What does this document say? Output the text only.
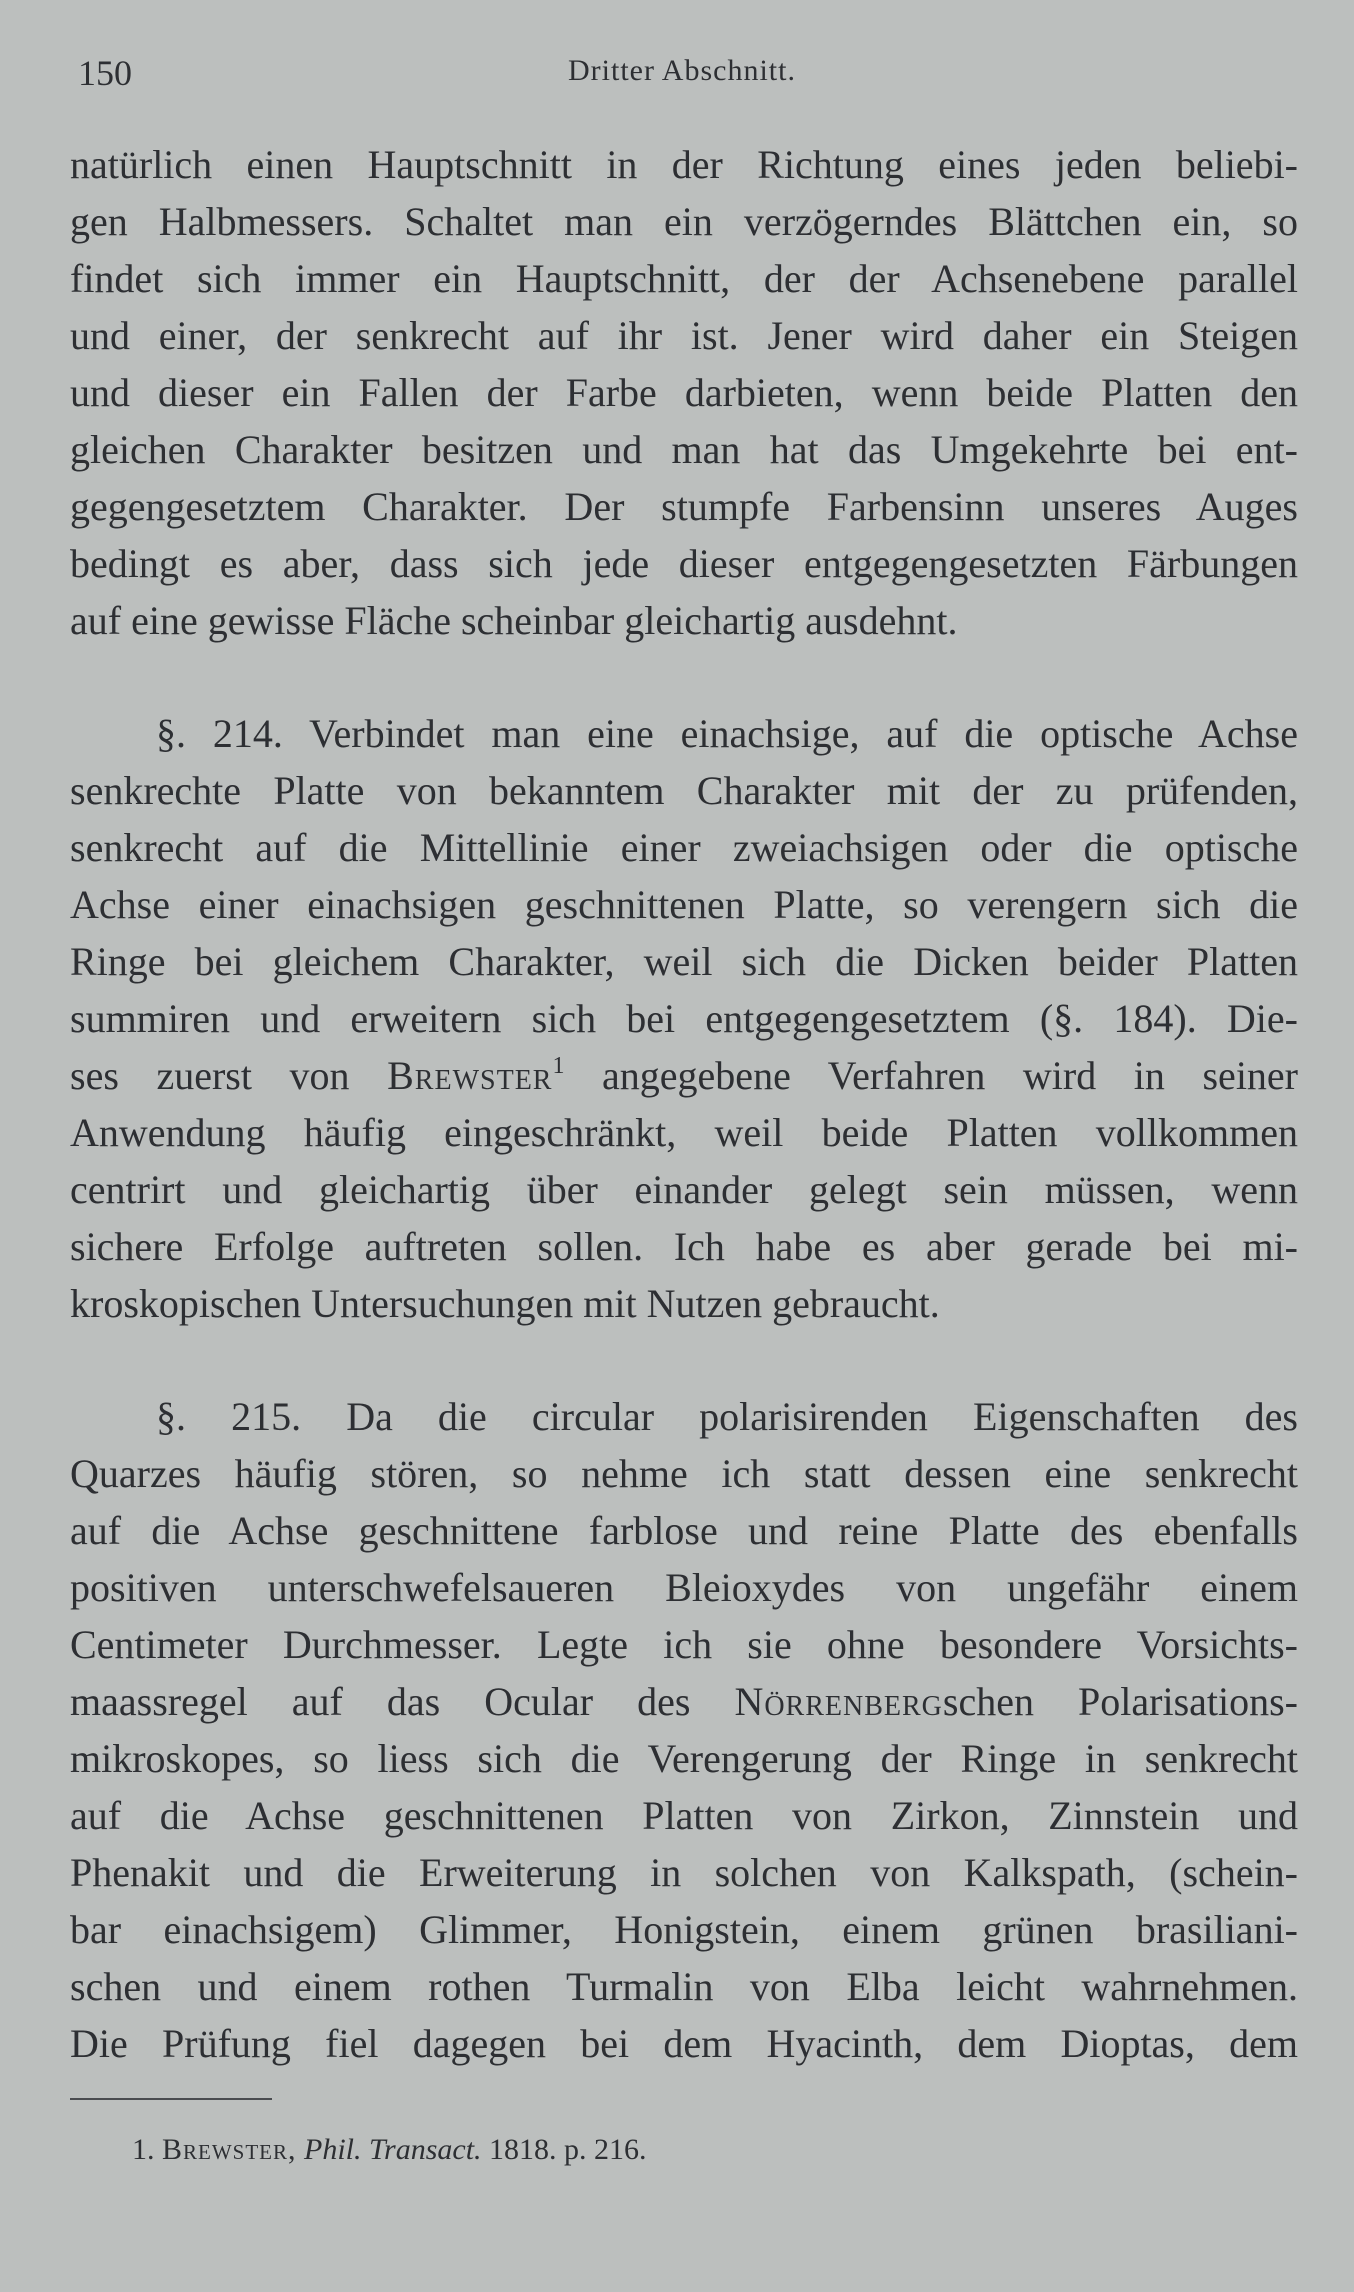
150	Dritter Abschnitt.
natürlich einen Hauptschnitt in der Richtung eines jeden beliebi-
gen Halbmessers. Schaltet man ein verzögerndes Blättchen ein, so
findet sich immer ein Hauptschnitt, der der Achsenebene parallel
und einer, der senkrecht auf ihr ist. Jener wird daher ein Steigen
und dieser ein Fallen der Farbe darbieten, wenn beide Platten den
gleichen Charakter besitzen und man hat das Umgekehrte bei ent-
gegengesetztem Charakter. Der stumpfe Farbensinn unseres Auges
bedingt es aber, dass sich jede dieser entgegengesetzten Färbungen
auf eine gewisse Fläche scheinbar gleichartig ausdehnt.
§. 214. Verbindet man eine einachsige, auf die optische Achse
senkrechte Platte von bekanntem Charakter mit der zu prüfenden,
senkrecht auf die Mittellinie einer zweiachsigen oder die optische
Achse einer einachsigen geschnittenen Platte, so verengern sich die
Ringe bei gleichem Charakter, weil sich die Dicken beider Platten
summiren und erweitern sich bei entgegengesetztem (§. 184). Die-
ses zuerst von Brewster$^1$ angegebene Verfahren wird in seiner
Anwendung häufig eingeschränkt, weil beide Platten vollkommen
centrirt und gleichartig über einander gelegt sein müssen, wenn
sichere Erfolge auftreten sollen. Ich habe es aber gerade bei mi-
kroskopischen Untersuchungen mit Nutzen gebraucht.
§. 215. Da die circular polarisirenden Eigenschaften des
Quarzes häufig stören, so nehme ich statt dessen eine senkrecht
auf die Achse geschnittene farblose und reine Platte des ebenfalls
positiven unterschwefelsaueren Bleioxydes von ungefähr einem
Centimeter Durchmesser. Legte ich sie ohne besondere Vorsichts-
maassregel auf das Ocular des Nörrenbergschen Polarisations-
mikroskopes, so liess sich die Verengerung der Ringe in senkrecht
auf die Achse geschnittenen Platten von Zirkon, Zinnstein und
Phenakit und die Erweiterung in solchen von Kalkspath, (schein-
bar einachsigem) Glimmer, Honigstein, einem grünen brasiliani-
schen und einem rothen Turmalin von Elba leicht wahrnehmen.
Die Prüfung fiel dagegen bei dem Hyacinth, dem Dioptas, dem
1. Brewster, Phil. Transact. 1818. p. 216.
